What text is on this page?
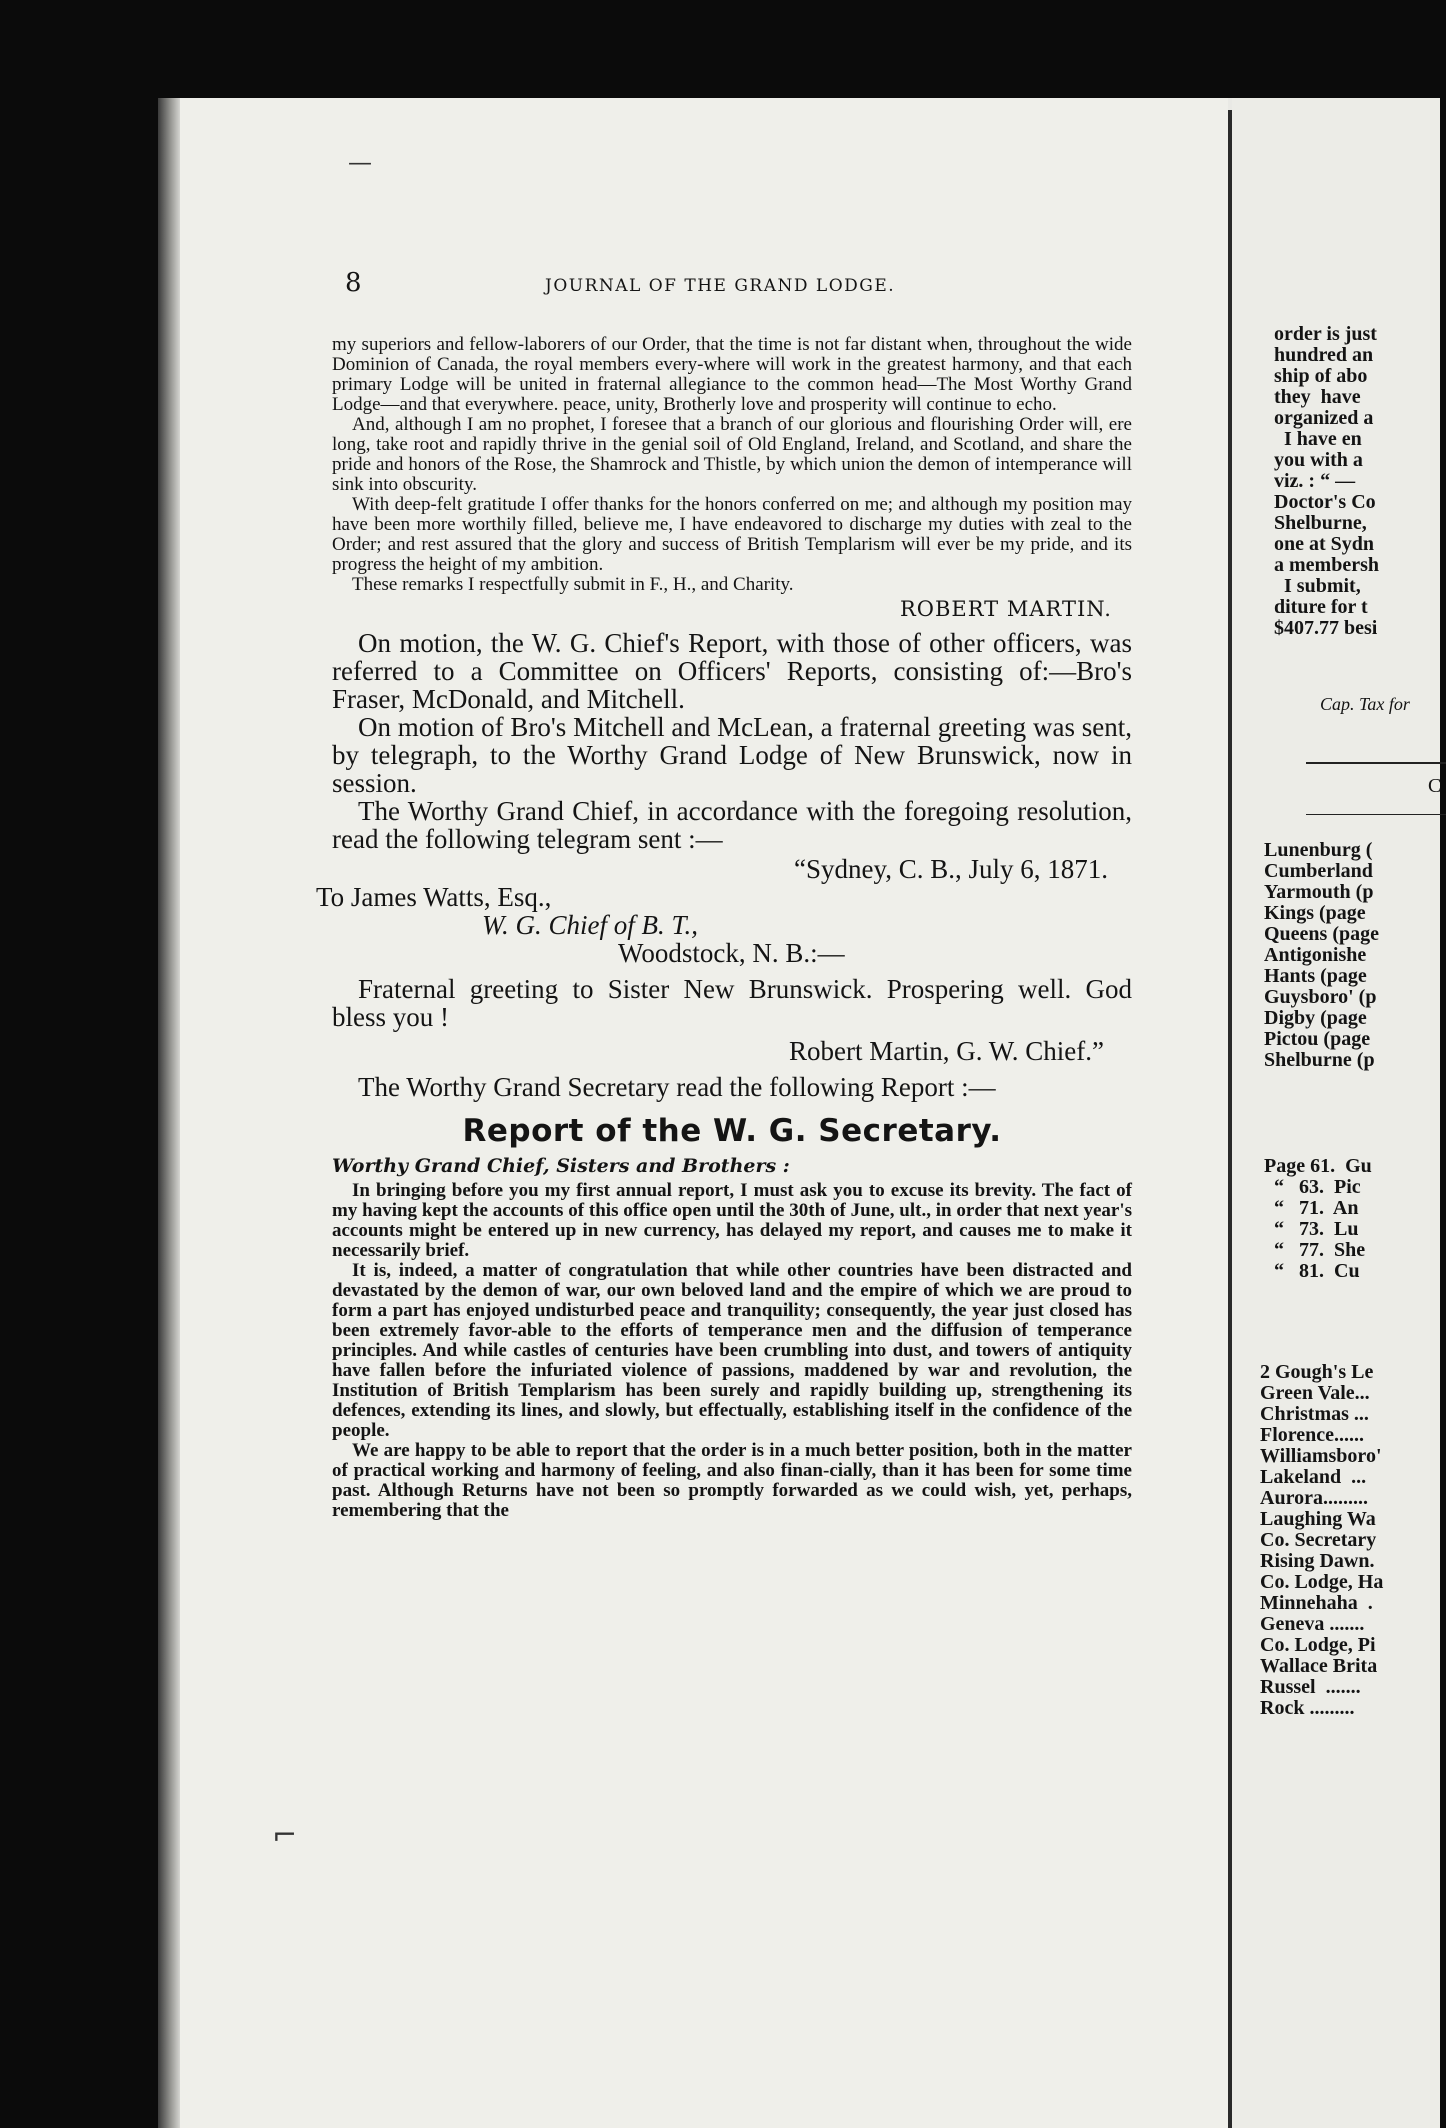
order is just
hundred an
ship of abo
they  have
organized a
I have en
you with a
viz. : “ —
Doctor's Co
Shelburne,
one at Sydn
a membersh
I submit,
diture for t
$407.77 besi
Cap. Tax for
C
Lunenburg (
Cumberland
Yarmouth (p
Kings (page
Queens (page
Antigonishe
Hants (page
Guysboro' (p
Digby (page
Pictou (page
Shelburne (p
Page 61.  Gu
“   63.  Pic
“   71.  An
“   73.  Lu
“   77.  She
“   81.  Cu
2 Gough's Le
Green Vale...
Christmas ...
Florence......
Williamsboro'
Lakeland  ...
Aurora.........
Laughing Wa
Co. Secretary
Rising Dawn.
Co. Lodge, Ha
Minnehaha  .
Geneva .......
Co. Lodge, Pi
Wallace Brita
Russel  .......
Rock .........
—
⌐
8	JOURNAL OF THE GRAND LODGE.

my superiors and fellow-laborers of our Order, that the time is not far distant when, throughout the wide Dominion of Canada, the royal members every-where will work in the greatest harmony, and that each primary Lodge will be united in fraternal allegiance to the common head—The Most Worthy Grand Lodge—and that everywhere. peace, unity, Brotherly love and prosperity will continue to echo.

And, although I am no prophet, I foresee that a branch of our glorious and flourishing Order will, ere long, take root and rapidly thrive in the genial soil of Old England, Ireland, and Scotland, and share the pride and honors of the Rose, the Shamrock and Thistle, by which union the demon of intemperance will sink into obscurity.

With deep-felt gratitude I offer thanks for the honors conferred on me; and although my position may have been more worthily filled, believe me, I have endeavored to discharge my duties with zeal to the Order; and rest assured that the glory and success of British Templarism will ever be my pride, and its progress the height of my ambition.

These remarks I respectfully submit in F., H., and Charity.

ROBERT MARTIN.

On motion, the W. G. Chief's Report, with those of other officers, was referred to a Committee on Officers' Reports, consisting of:—Bro's Fraser, McDonald, and Mitchell.

On motion of Bro's Mitchell and McLean, a fraternal greeting was sent, by telegraph, to the Worthy Grand Lodge of New Brunswick, now in session.

The Worthy Grand Chief, in accordance with the foregoing resolution, read the following telegram sent :—

“Sydney, C. B., July 6, 1871.
To James Watts, Esq.,
W. G. Chief of B. T.,
Woodstock, N. B.:—

Fraternal greeting to Sister New Brunswick. Prospering well. God bless you !

Robert Martin, G. W. Chief.”

The Worthy Grand Secretary read the following Report :—

Report of the W. G. Secretary.
Worthy Grand Chief, Sisters and Brothers :

In bringing before you my first annual report, I must ask you to excuse its brevity. The fact of my having kept the accounts of this office open until the 30th of June, ult., in order that next year's accounts might be entered up in new currency, has delayed my report, and causes me to make it necessarily brief.

It is, indeed, a matter of congratulation that while other countries have been distracted and devastated by the demon of war, our own beloved land and the empire of which we are proud to form a part has enjoyed undisturbed peace and tranquility; consequently, the year just closed has been extremely favor-able to the efforts of temperance men and the diffusion of temperance principles. And while castles of centuries have been crumbling into dust, and towers of antiquity have fallen before the infuriated violence of passions, maddened by war and revolution, the Institution of British Templarism has been surely and rapidly building up, strengthening its defences, extending its lines, and slowly, but effectually, establishing itself in the confidence of the people.

We are happy to be able to report that the order is in a much better position, both in the matter of practical working and harmony of feeling, and also finan-cially, than it has been for some time past. Although Returns have not been so promptly forwarded as we could wish, yet, perhaps, remembering that the
